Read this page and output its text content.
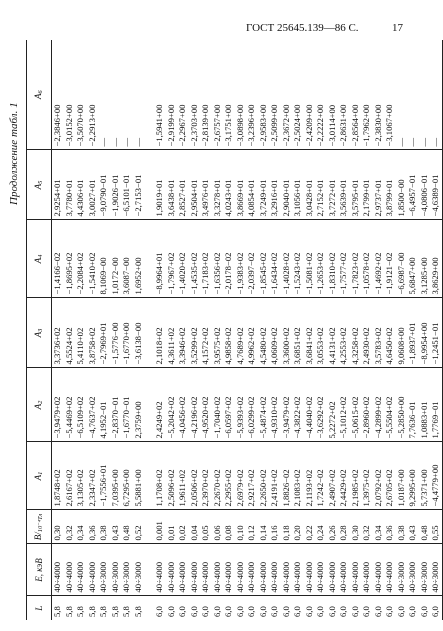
ГОСТ 25645.139—86 С.	17
Продолжение табл. 1
L	E, кэВ	B/10⁻⁴Тл	A1	A2	A3	A4	A5	A6
5,8	40÷4000	0,30	1,8748+02	−3,9479+02	3,3736+02	−1,4166−02	2,9254+01	−2,3846+00
5,8	40÷4000	0,32	2,6167+02	−5,4469+02	4,5524+02	−1,8695+02	3,7780+01	−3,0152+00
5,8	40÷4000	0,34	3,1305+02	−6,5109+02	5,4110+02	−2,2084+02	4,4306+01	−3,5070+00
5,8	40÷4000	0,36	2,3347+02	−4,7637+02	3,8758+02	−1,5410+02	3,0027+01	−2,2913+00
5,8	40÷3000	0,38	−1,7556+01	4,1952−01	−2,7969+01	8,1069−00	−9,0790−01	—
5,8	40÷3000	0,43	7,0395+00	−2,8370−01	−1,5776−00	1,0172−00	−1,9026−01	—
5,8	40÷3000	0,48	6,7295+00	−1,6770−01	−1,6770+00	3,6087−00	−6,5101−01	—
5,8	40÷3000	0,52	5,5881+00	2,3759+00	−3,6138−00	1,6952+00	−2,7153−01	—

6,0	40÷4000	0,001	1,1708+02	2,4249+02	2,1018+02	−8,9964+01	1,9019+01	−1,5941+00
6,0	40÷4000	0,01	2,5096+02	−5,2042+02	4,3611+02	−1,7967+02	3,6438+01	−2,9199+00
6,0	40÷4000	0,02	1,9611+02	−4,0456+02	3,3946+02	−1,4020+02	2,8527+01	−2,2967+00
6,0	40÷4000	0,04	2,0506+02	−4,2196+02	3,5299+02	−1,4535+02	2,9504+01	−2,3703+00
6,0	40÷4000	0,05	2,3970+02	−4,9520+02	4,1572+02	−1,7183+02	3,4976+01	−2,8139+00
6,0	40÷4000	0,06	2,2670+02	−1,7040+02	3,9575+02	−1,6356+02	3,3278+01	−2,6757+00
6,0	40÷4000	0,08	2,2955+02	−6,0597+02	4,9858+02	−2,0178−02	4,0243+01	−3,1751+00
6,0	40÷4000	0,10	2,6979+02	−5,9393+02	4,7689+02	−1,9383+02	3,8669+01	−3,0898+00
6,0	40÷4000	0,12	2,9217+02	−6,0299+02	4,9962+02	−2,0397−02	4,0854+01	−3,2396+00
6,0	40÷4000	0,14	2,2650+02	−5,4874+02	4,5480+02	−1,8545+02	3,7249+01	−2,9583+00
6,0	40÷4000	0,16	2,4191+02	−4,9310+02	4,0609+02	−1,6434+02	3,2916+01	−2,5099+00
6,0	40÷4000	0,18	1,8826−02	−3,9479+02	3,3600+02	−1,4028+02	2,9040+01	−2,3672+00
6,0	40÷4000	0,20	2,1083+02	−4,3822+02	3,6851+02	−1,5243+02	3,1056+01	−2,5024+00
6,0	40÷4000	0,22	2,1193+02	−4,4040+02	3,6841+02	−1,5081+02	3,0428+01	−2,4209+00
6,0	40÷4000	0,24	1,7242−02	−3,6292+02	3,0553+02	−1,2653+02	2,7152+01	−2,2222+00
6,0	40÷4000	0,26	2,4907+02	5,2272+02	4,4131+02	−1,8310+02	3,7272+01	−3,0114+00
6,0	40÷4000	0,28	2,4429+02	−5,1012+02	4,2553+02	−1,7577+02	3,5639+01	−2,8631+00
6,0	40÷4000	0,30	2,1985+02	−5,0615+02	4,3258+02	−1,7823+02	3,5795+01	−2,8564+00
6,0	40÷4000	0,32	1,3975+02	−2,8960+02	2,4930+02	−1,0578+02	2,1799+01	−1,7962+00
6,0	40÷4000	0,34	2,0792+02	−4,2899+02	3,5783+02	−1,4692+02	2,9737+01	−2,3830+00
6,0	40÷4000	0,36	2,6705+02	−5,5504+02	4,6450+02	−1,9121−02	3,8799+01	−3,1067+00
6,0	40÷3000	0,38	1,0187+00	−5,2850+00	9,0608+00	−6,6987−00	1,8500−00	—
6,0	40÷3000	0,43	9,2995+00	7,7636−01	−1,8937+01	5,6847+00	−6,4957−01	—
6,0	40÷3000	0,48	5,7371+00	1,0883+01	−8,9954+00	3,1285+00	−4,0806−01	—
6,0	40÷3000	0,55	−4,4779+00	1,7769−01	−1,2451−01	3,8629+00	−4,6389−01	—
